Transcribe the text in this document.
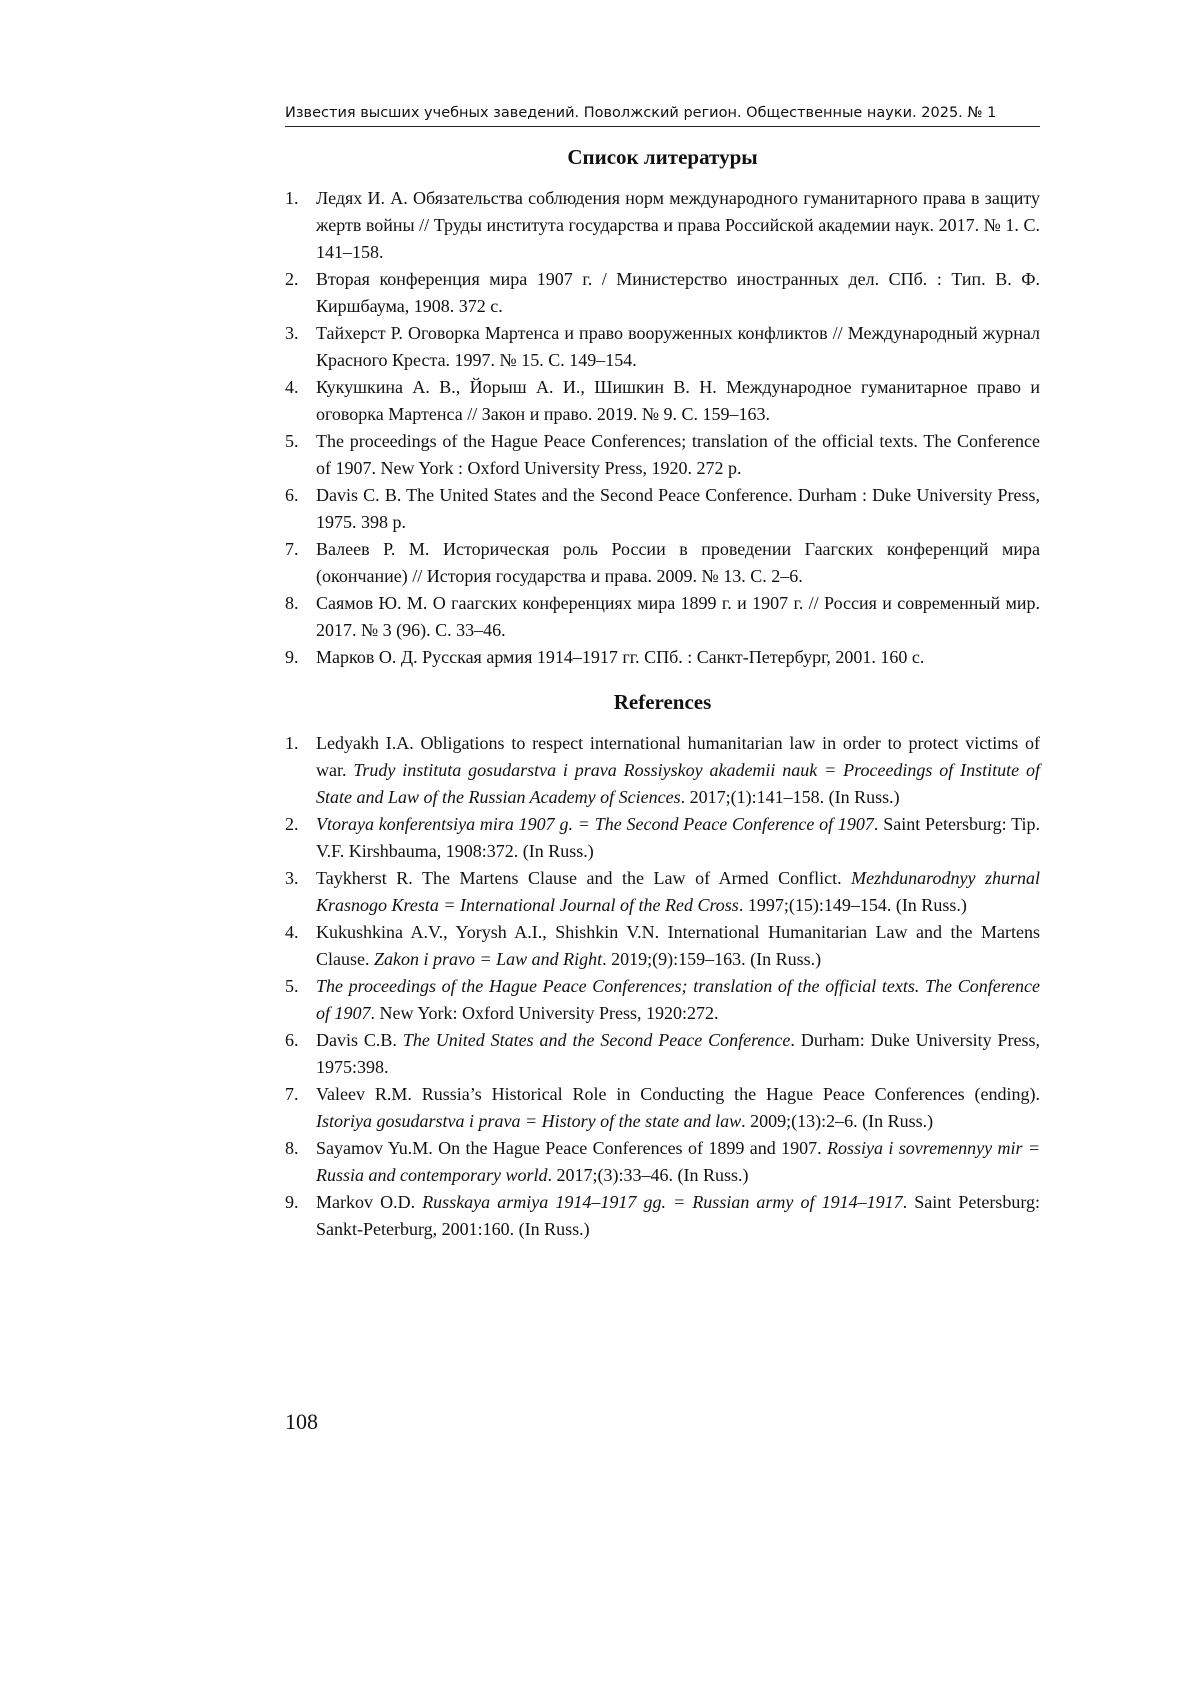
Известия высших учебных заведений. Поволжский регион. Общественные науки. 2025. № 1
Список литературы
1. Ледях И. А. Обязательства соблюдения норм международного гуманитарного права в защиту жертв войны // Труды института государства и права Российской академии наук. 2017. № 1. С. 141–158.
2. Вторая конференция мира 1907 г. / Министерство иностранных дел. СПб. : Тип. В. Ф. Киршбаума, 1908. 372 с.
3. Тайхерст Р. Оговорка Мартенса и право вооруженных конфликтов // Международный журнал Красного Креста. 1997. № 15. С. 149–154.
4. Кукушкина А. В., Йорыш А. И., Шишкин В. Н. Международное гуманитарное право и оговорка Мартенса // Закон и право. 2019. № 9. С. 159–163.
5. The proceedings of the Hague Peace Conferences; translation of the official texts. The Conference of 1907. New York : Oxford University Press, 1920. 272 p.
6. Davis C. B. The United States and the Second Peace Conference. Durham : Duke University Press, 1975. 398 p.
7. Валеев Р. М. Историческая роль России в проведении Гаагских конференций мира (окончание) // История государства и права. 2009. № 13. С. 2–6.
8. Саямов Ю. М. О гаагских конференциях мира 1899 г. и 1907 г. // Россия и современный мир. 2017. № 3 (96). С. 33–46.
9. Марков О. Д. Русская армия 1914–1917 гг. СПб. : Санкт-Петербург, 2001. 160 с.
References
1. Ledyakh I.A. Obligations to respect international humanitarian law in order to protect victims of war. Trudy instituta gosudarstva i prava Rossiyskoy akademii nauk = Proceedings of Institute of State and Law of the Russian Academy of Sciences. 2017;(1):141–158. (In Russ.)
2. Vtoraya konferentsiya mira 1907 g. = The Second Peace Conference of 1907. Saint Petersburg: Tip. V.F. Kirshbauma, 1908:372. (In Russ.)
3. Taykherst R. The Martens Clause and the Law of Armed Conflict. Mezhdunarodnyy zhurnal Krasnogo Kresta = International Journal of the Red Cross. 1997;(15):149–154. (In Russ.)
4. Kukushkina A.V., Yorysh A.I., Shishkin V.N. International Humanitarian Law and the Martens Clause. Zakon i pravo = Law and Right. 2019;(9):159–163. (In Russ.)
5. The proceedings of the Hague Peace Conferences; translation of the official texts. The Conference of 1907. New York: Oxford University Press, 1920:272.
6. Davis C.B. The United States and the Second Peace Conference. Durham: Duke University Press, 1975:398.
7. Valeev R.M. Russia’s Historical Role in Conducting the Hague Peace Conferences (ending). Istoriya gosudarstva i prava = History of the state and law. 2009;(13):2–6. (In Russ.)
8. Sayamov Yu.M. On the Hague Peace Conferences of 1899 and 1907. Rossiya i sovremennyy mir = Russia and contemporary world. 2017;(3):33–46. (In Russ.)
9. Markov O.D. Russkaya armiya 1914–1917 gg. = Russian army of 1914–1917. Saint Petersburg: Sankt-Peterburg, 2001:160. (In Russ.)
108
